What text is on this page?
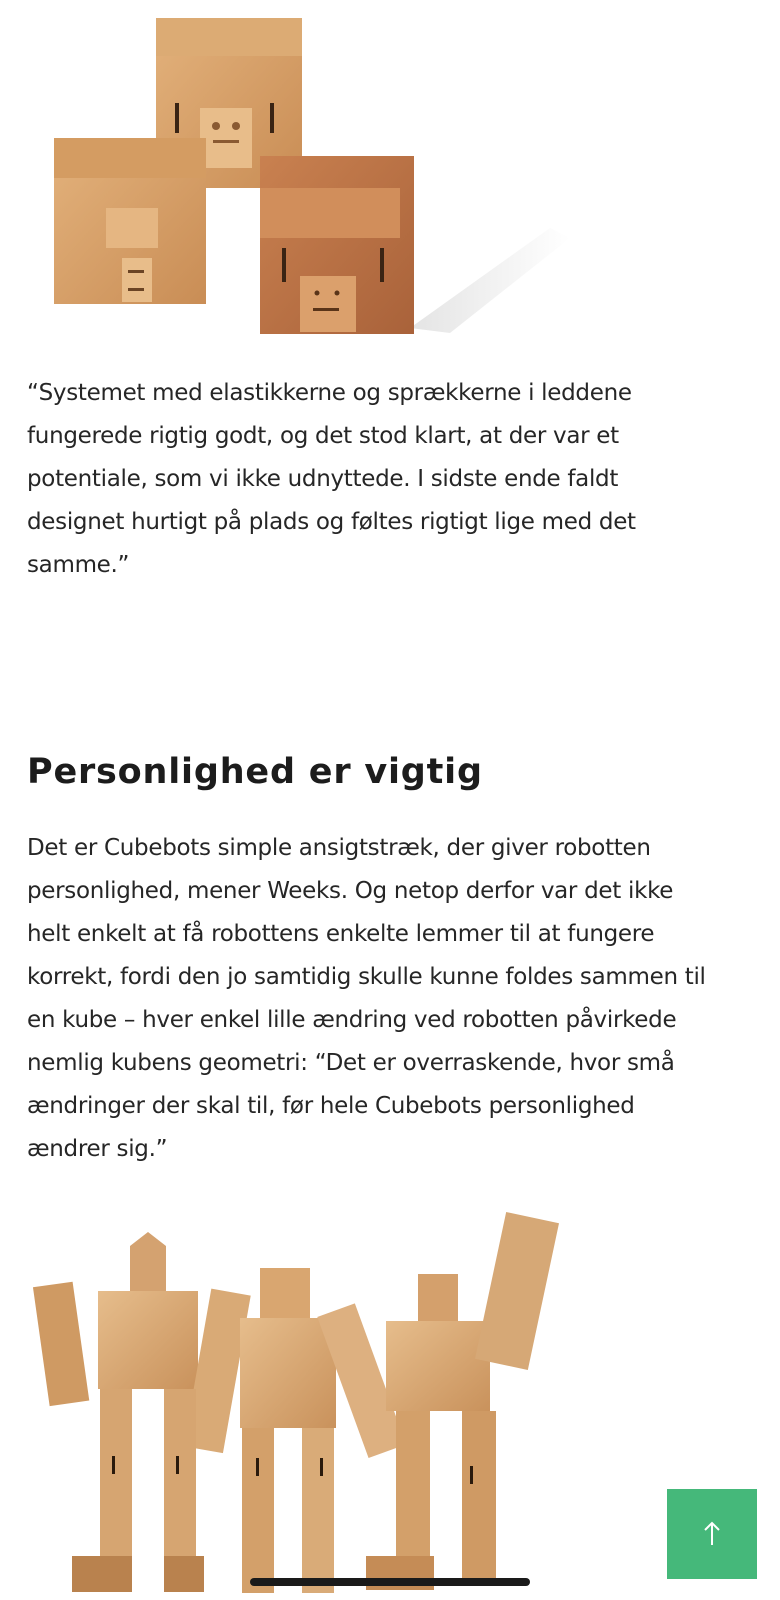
“Systemet med elastikkerne og sprækkerne i leddene
fungerede rigtig godt, og det stod klart, at der var et
potentiale, som vi ikke udnyttede. I sidste ende faldt
designet hurtigt på plads og føltes rigtigt lige med det
samme.”
Personlighed er vigtig
Det er Cubebots simple ansigtstræk, der giver robotten
personlighed, mener Weeks. Og netop derfor var det ikke
helt enkelt at få robottens enkelte lemmer til at fungere
korrekt, fordi den jo samtidig skulle kunne foldes sammen til
en kube – hver enkel lille ændring ved robotten påvirkede
nemlig kubens geometri: “Det er overraskende, hvor små
ændringer der skal til, før hele Cubebots personlighed
ændrer sig.”
